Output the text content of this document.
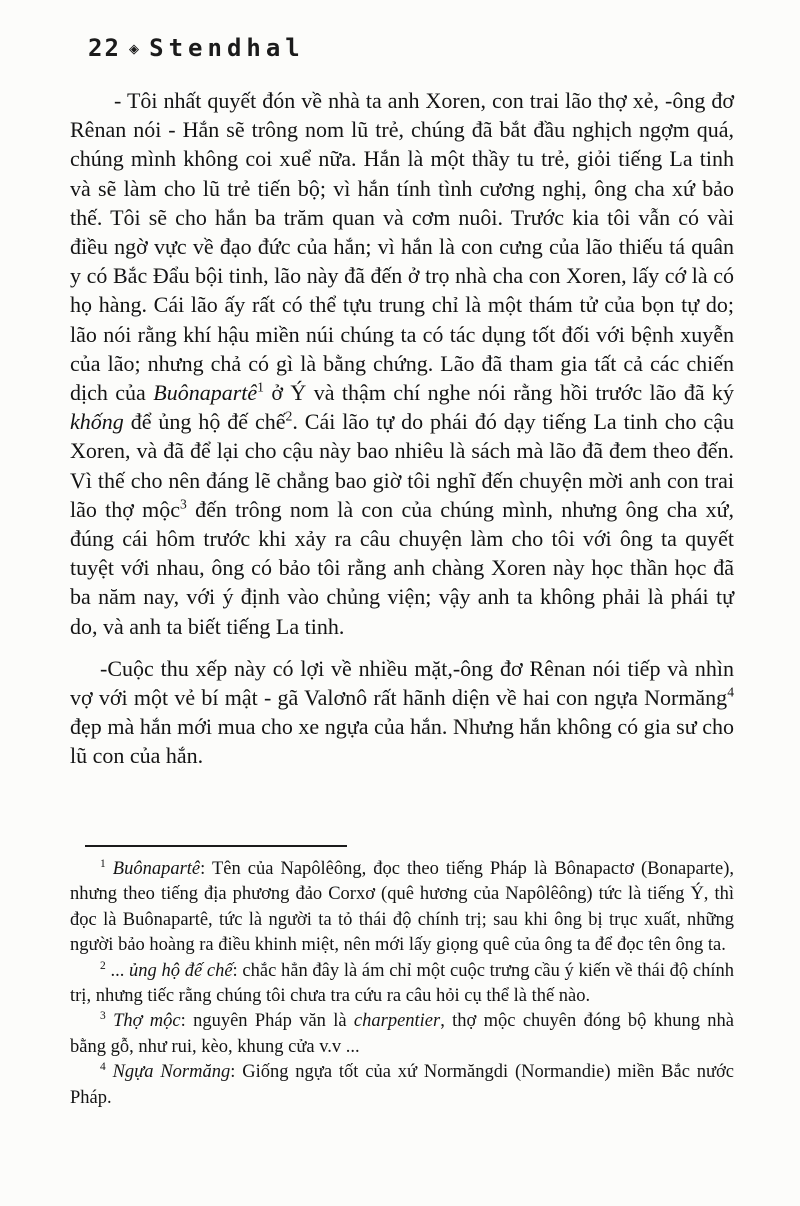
22 ◈ Stendhal

- Tôi nhất quyết đón về nhà ta anh Xoren, con trai lão thợ xẻ, -ông đơ Rênan nói - Hắn sẽ trông nom lũ trẻ, chúng đã bắt đầu nghịch ngợm quá, chúng mình không coi xuể nữa. Hắn là một thầy tu trẻ, giỏi tiếng La tinh và sẽ làm cho lũ trẻ tiến bộ; vì hắn tính tình cương nghị, ông cha xứ bảo thế. Tôi sẽ cho hắn ba trăm quan và cơm nuôi. Trước kia tôi vẫn có vài điều ngờ vực về đạo đức của hắn; vì hắn là con cưng của lão thiếu tá quân y có Bắc Đẩu bội tinh, lão này đã đến ở trọ nhà cha con Xoren, lấy cớ là có họ hàng. Cái lão ấy rất có thể tựu trung chỉ là một thám tử của bọn tự do; lão nói rằng khí hậu miền núi chúng ta có tác dụng tốt đối với bệnh xuyễn của lão; nhưng chả có gì là bằng chứng. Lão đã tham gia tất cả các chiến dịch của Buônapartê$^1$ ở Ý và thậm chí nghe nói rằng hồi trước lão đã ký khống để ủng hộ đế chế$^2$. Cái lão tự do phái đó dạy tiếng La tinh cho cậu Xoren, và đã để lại cho cậu này bao nhiêu là sách mà lão đã đem theo đến. Vì thế cho nên đáng lẽ chẳng bao giờ tôi nghĩ đến chuyện mời anh con trai lão thợ mộc$^3$ đến trông nom là con của chúng mình, nhưng ông cha xứ, đúng cái hôm trước khi xảy ra câu chuyện làm cho tôi với ông ta quyết tuyệt với nhau, ông có bảo tôi rằng anh chàng Xoren này học thần học đã ba năm nay, với ý định vào chủng viện; vậy anh ta không phải là phái tự do, và anh ta biết tiếng La tinh.

-Cuộc thu xếp này có lợi về nhiều mặt,-ông đơ Rênan nói tiếp và nhìn vợ với một vẻ bí mật - gã Valơnô rất hãnh diện về hai con ngựa Normăng$^4$ đẹp mà hắn mới mua cho xe ngựa của hắn. Nhưng hắn không có gia sư cho lũ con của hắn.

$^1$ Buônapartê: Tên của Napôlêông, đọc theo tiếng Pháp là Bônapactơ (Bonaparte), nhưng theo tiếng địa phương đảo Corxơ (quê hương của Napôlêông) tức là tiếng Ý, thì đọc là Buônapartê, tức là người ta tỏ thái độ chính trị; sau khi ông bị trục xuất, những người bảo hoàng ra điều khinh miệt, nên mới lấy giọng quê của ông ta để đọc tên ông ta.

$^2$ ... ủng hộ đế chế: chắc hẳn đây là ám chỉ một cuộc trưng cầu ý kiến về thái độ chính trị, nhưng tiếc rằng chúng tôi chưa tra cứu ra câu hỏi cụ thể là thế nào.

$^3$ Thợ mộc: nguyên Pháp văn là charpentier, thợ mộc chuyên đóng bộ khung nhà bằng gỗ, như rui, kèo, khung cửa v.v ...

$^4$ Ngựa Normăng: Giống ngựa tốt của xứ Normăngdi (Normandie) miền Bắc nước Pháp.
